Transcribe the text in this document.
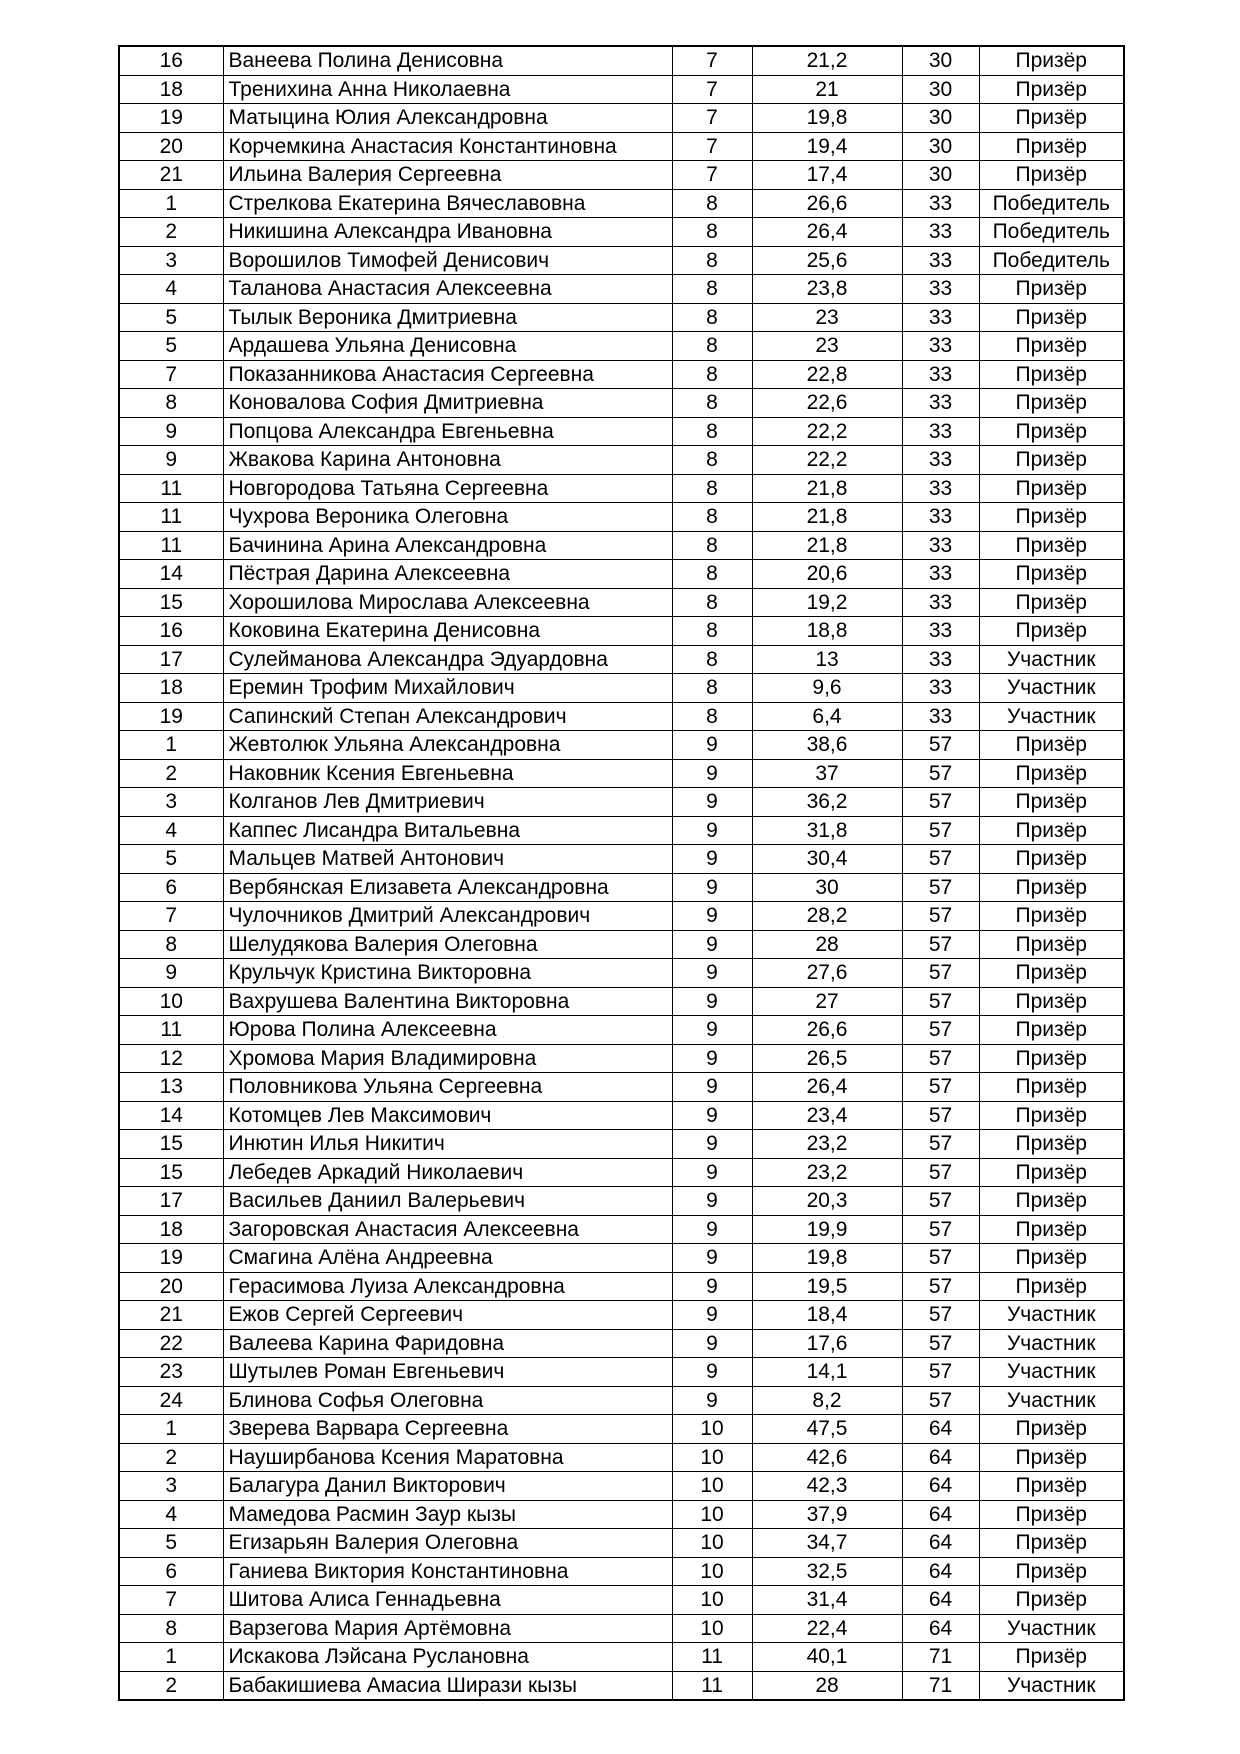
16	Ванеева Полина Денисовна	7	21,2	30	Призёр
18	Тренихина Анна Николаевна	7	21	30	Призёр
19	Матыцина Юлия Александровна	7	19,8	30	Призёр
20	Корчемкина Анастасия Константиновна	7	19,4	30	Призёр
21	Ильина Валерия Сергеевна	7	17,4	30	Призёр
1	Стрелкова Екатерина Вячеславовна	8	26,6	33	Победитель
2	Никишина Александра Ивановна	8	26,4	33	Победитель
3	Ворошилов Тимофей Денисович	8	25,6	33	Победитель
4	Таланова Анастасия Алексеевна	8	23,8	33	Призёр
5	Тылык Вероника Дмитриевна	8	23	33	Призёр
5	Ардашева Ульяна Денисовна	8	23	33	Призёр
7	Показанникова Анастасия Сергеевна	8	22,8	33	Призёр
8	Коновалова София Дмитриевна	8	22,6	33	Призёр
9	Попцова Александра Евгеньевна	8	22,2	33	Призёр
9	Жвакова Карина Антоновна	8	22,2	33	Призёр
11	Новгородова Татьяна Сергеевна	8	21,8	33	Призёр
11	Чухрова Вероника Олеговна	8	21,8	33	Призёр
11	Бачинина Арина Александровна	8	21,8	33	Призёр
14	Пёстрая Дарина Алексеевна	8	20,6	33	Призёр
15	Хорошилова Мирослава Алексеевна	8	19,2	33	Призёр
16	Коковина Екатерина Денисовна	8	18,8	33	Призёр
17	Сулейманова Александра Эдуардовна	8	13	33	Участник
18	Еремин Трофим Михайлович	8	9,6	33	Участник
19	Сапинский Степан Александрович	8	6,4	33	Участник
1	Жевтолюк Ульяна Александровна	9	38,6	57	Призёр
2	Наковник Ксения Евгеньевна	9	37	57	Призёр
3	Колганов Лев Дмитриевич	9	36,2	57	Призёр
4	Каппес Лисандра Витальевна	9	31,8	57	Призёр
5	Мальцев Матвей Антонович	9	30,4	57	Призёр
6	Вербянская Елизавета Александровна	9	30	57	Призёр
7	Чулочников Дмитрий Александрович	9	28,2	57	Призёр
8	Шелудякова Валерия Олеговна	9	28	57	Призёр
9	Крульчук Кристина Викторовна	9	27,6	57	Призёр
10	Вахрушева Валентина Викторовна	9	27	57	Призёр
11	Юрова Полина Алексеевна	9	26,6	57	Призёр
12	Хромова Мария Владимировна	9	26,5	57	Призёр
13	Половникова Ульяна Сергеевна	9	26,4	57	Призёр
14	Котомцев Лев Максимович	9	23,4	57	Призёр
15	Инютин Илья Никитич	9	23,2	57	Призёр
15	Лебедев Аркадий Николаевич	9	23,2	57	Призёр
17	Васильев Даниил Валерьевич	9	20,3	57	Призёр
18	Загоровская Анастасия Алексеевна	9	19,9	57	Призёр
19	Смагина Алёна Андреевна	9	19,8	57	Призёр
20	Герасимова Луиза Александровна	9	19,5	57	Призёр
21	Ежов Сергей Сергеевич	9	18,4	57	Участник
22	Валеева Карина Фаридовна	9	17,6	57	Участник
23	Шутылев Роман Евгеньевич	9	14,1	57	Участник
24	Блинова Софья Олеговна	9	8,2	57	Участник
1	Зверева Варвара Сергеевна	10	47,5	64	Призёр
2	Науширбанова Ксения Маратовна	10	42,6	64	Призёр
3	Балагура Данил Викторович	10	42,3	64	Призёр
4	Мамедова Расмин Заур кызы	10	37,9	64	Призёр
5	Егизарьян Валерия Олеговна	10	34,7	64	Призёр
6	Ганиева Виктория Константиновна	10	32,5	64	Призёр
7	Шитова Алиса Геннадьевна	10	31,4	64	Призёр
8	Варзегова Мария Артёмовна	10	22,4	64	Участник
1	Искакова Лэйсана Руслановна	11	40,1	71	Призёр
2	Бабакишиева Амасиа Ширази кызы	11	28	71	Участник
